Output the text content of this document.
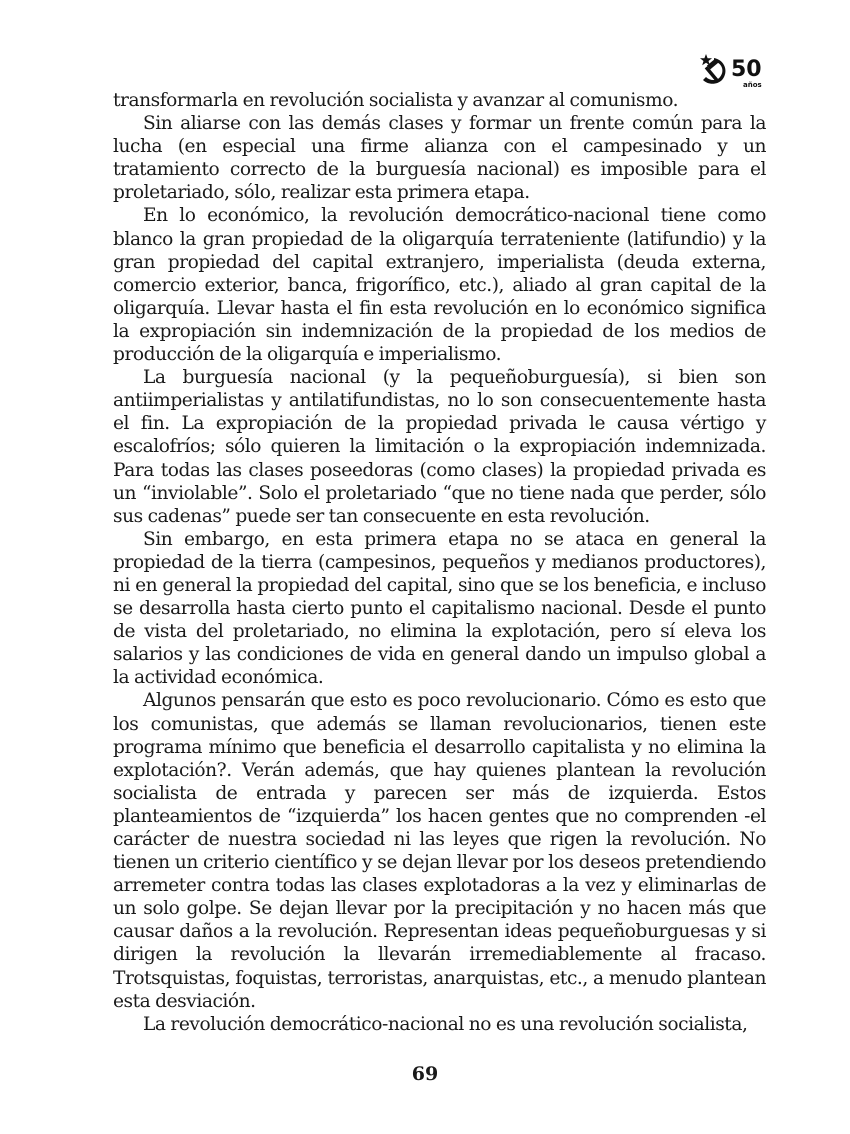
50
años

transformarla en revolución socialista y avanzar al comunismo.

Sin aliarse con las demás clases y formar un frente común para la lucha (en especial una firme alianza con el campesinado y un tratamiento correcto de la burguesía nacional) es imposible para el proletariado, sólo, realizar esta primera etapa.

En lo económico, la revolución democrático-nacional tiene como blanco la gran propiedad de la oligarquía terrateniente (latifundio) y la gran propiedad del capital extranjero, imperialista (deuda externa, comercio exterior, banca, frigorífico, etc.), aliado al gran capital de la oligarquía. Llevar hasta el fin esta revolución en lo económico significa la expropiación sin indemnización de la propiedad de los medios de producción de la oligarquía e imperialismo.

La burguesía nacional (y la pequeñoburguesía), si bien son antiimperialistas y antilatifundistas, no lo son consecuentemente hasta el fin. La expropiación de la propiedad privada le causa vértigo y escalofríos; sólo quieren la limitación o la expropiación indemnizada. Para todas las clases poseedoras (como clases) la propiedad privada es un “inviolable”. Solo el proletariado “que no tiene nada que perder, sólo sus cadenas” puede ser tan consecuente en esta revolución.

Sin embargo, en esta primera etapa no se ataca en general la propiedad de la tierra (campesinos, pequeños y medianos productores), ni en general la propiedad del capital, sino que se los beneficia, e incluso se desarrolla hasta cierto punto el capitalismo nacional. Desde el punto de vista del proletariado, no elimina la explotación, pero sí eleva los salarios y las condiciones de vida en general dando un impulso global a la actividad económica.

Algunos pensarán que esto es poco revolucionario. Cómo es esto que los comunistas, que además se llaman revolucionarios, tienen este programa mínimo que beneficia el desarrollo capitalista y no elimina la explotación?. Verán además, que hay quienes plantean la revolución socialista de entrada y parecen ser más de izquierda. Estos planteamientos de “izquierda” los hacen gentes que no comprenden -el carácter de nuestra sociedad ni las leyes que rigen la revolución. No tienen un criterio científico y se dejan llevar por los deseos pretendiendo arremeter contra todas las clases explotadoras a la vez y eliminarlas de un solo golpe. Se dejan llevar por la precipitación y no hacen más que causar daños a la revolución. Representan ideas pequeñoburguesas y si dirigen la revolución la llevarán irremediablemente al fracaso. Trotsquistas, foquistas, terroristas, anarquistas, etc., a menudo plantean esta desviación.

La revolución democrático-nacional no es una revolución socialista,

69
